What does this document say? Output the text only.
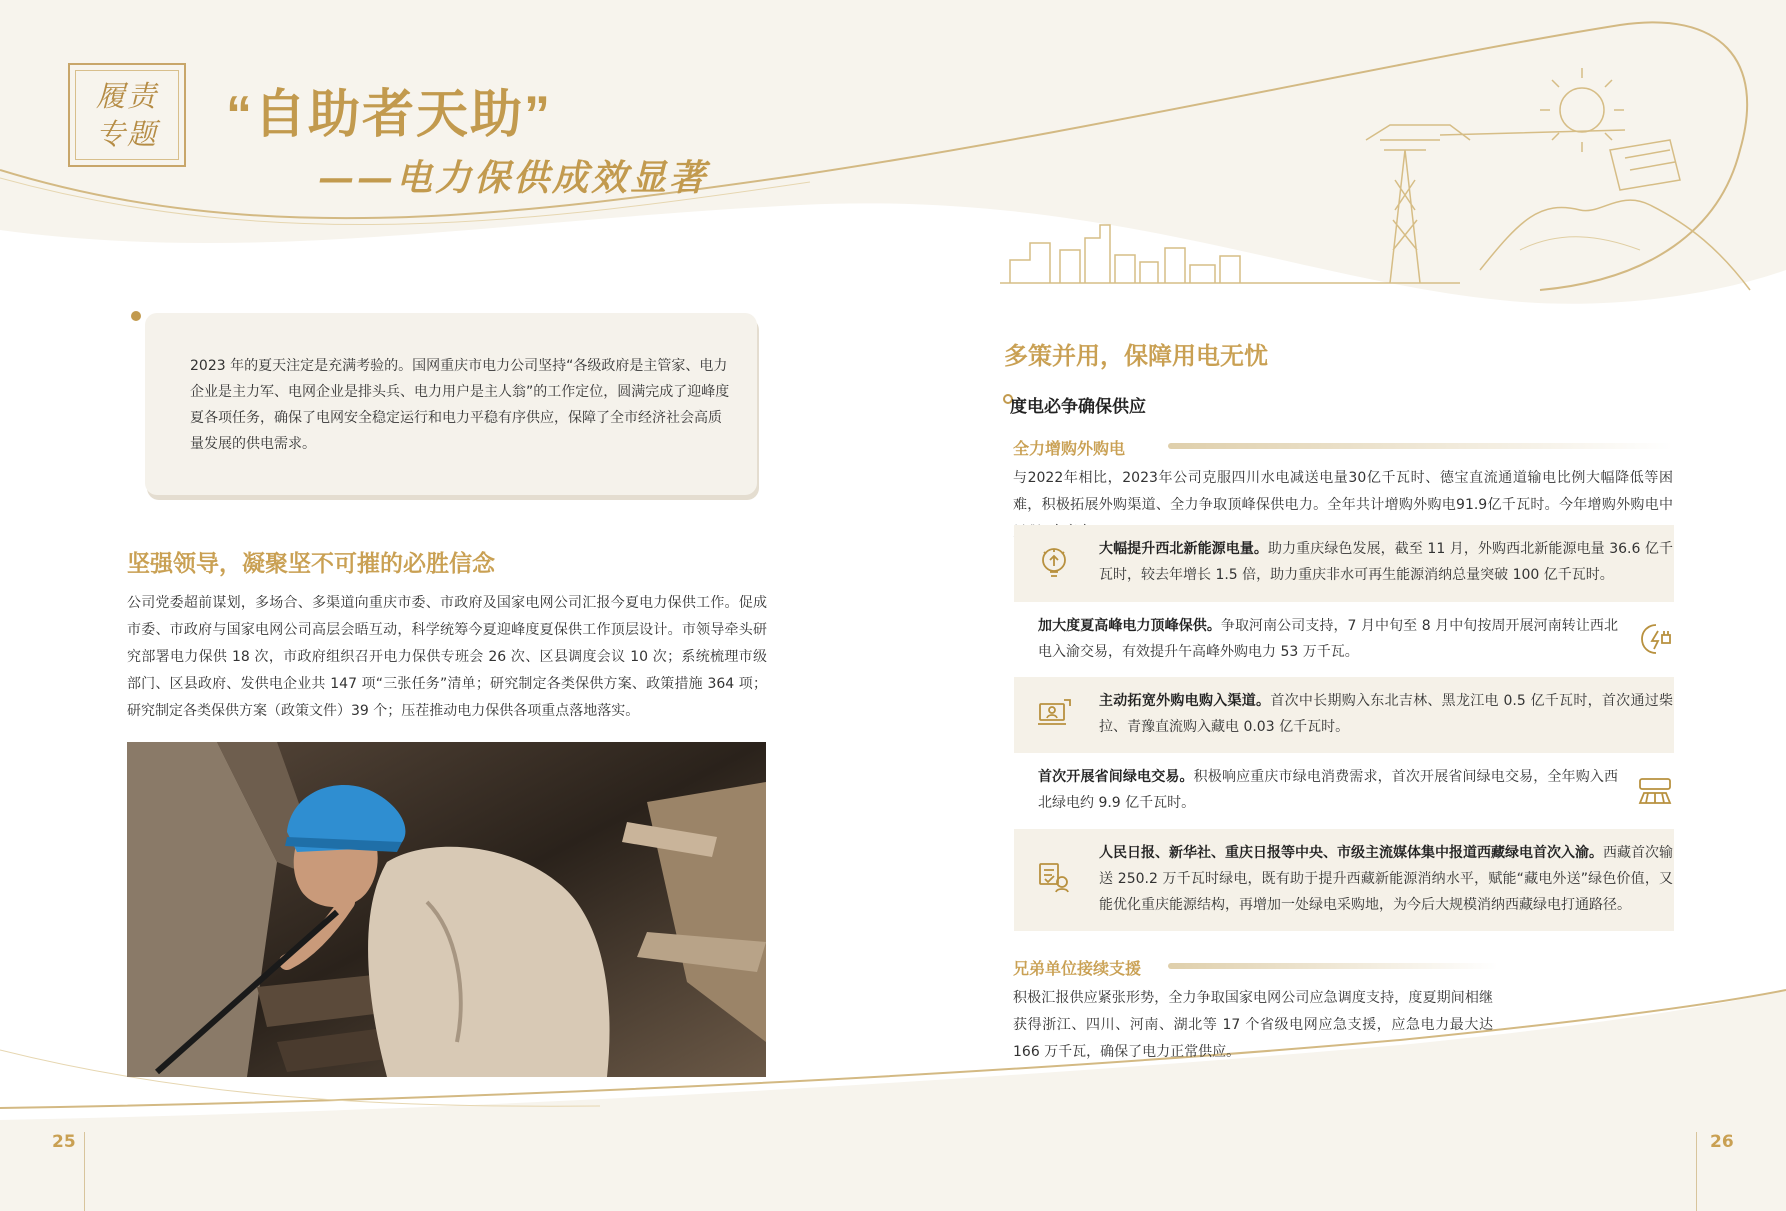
履责
专题 “自助者天助”
——电力保供成效显著
2023 年的夏天注定是充满考验的。国网重庆市电力公司坚持“各级政府是主管家、电力企业是主力军、电网企业是排头兵、电力用户是主人翁”的工作定位，圆满完成了迎峰度夏各项任务，确保了电网安全稳定运行和电力平稳有序供应，保障了全市经济社会高质量发展的供电需求。
坚强领导，凝聚坚不可摧的必胜信念
公司党委超前谋划，多场合、多渠道向重庆市委、市政府及国家电网公司汇报今夏电力保供工作。促成市委、市政府与国家电网公司高层会晤互动，科学统筹今夏迎峰度夏保供工作顶层设计。市领导牵头研究部署电力保供 18 次，市政府组织召开电力保供专班会 26 次、区县调度会议 10 次；系统梳理市级部门、区县政府、发供电企业共 147 项“三张任务”清单；研究制定各类保供方案、政策措施 364 项；研究制定各类保供方案（政策文件）39 个；压茬推动电力保供各项重点落地落实。
25
多策并用，保障用电无忧
度电必争确保供应
全力增购外购电
与2022年相比，2023年公司克服四川水电减送电量30亿千瓦时、德宝直流通道输电比例大幅降低等困难，积极拓展外购渠道、全力争取顶峰保供电力。全年共计增购外购电91.9亿千瓦时。今年增购外购电中
大幅提升西北新能源电量。助力重庆绿色发展，截至 11 月，外购西北新能源电量 36.6 亿千瓦时，较去年增长 1.5 倍，助力重庆非水可再生能源消纳总量突破 100 亿千瓦时。
加大度夏高峰电力顶峰保供。争取河南公司支持，7 月中旬至 8 月中旬按周开展河南转让西北电入渝交易，有效提升午高峰外购电力 53 万千瓦。
主动拓宽外购电购入渠道。首次中长期购入东北吉林、黑龙江电 0.5 亿千瓦时，首次通过柴拉、青豫直流购入藏电 0.03 亿千瓦时。
首次开展省间绿电交易。积极响应重庆市绿电消费需求，首次开展省间绿电交易，全年购入西北绿电约 9.9 亿千瓦时。
人民日报、新华社、重庆日报等中央、市级主流媒体集中报道西藏绿电首次入渝。西藏首次输送 250.2 万千瓦时绿电，既有助于提升西藏新能源消纳水平，赋能“藏电外送”绿色价值，又能优化重庆能源结构，再增加一处绿电采购地，为今后大规模消纳西藏绿电打通路径。
兄弟单位接续支援
积极汇报供应紧张形势，全力争取国家电网公司应急调度支持，度夏期间相继获得浙江、四川、河南、湖北等 17 个省级电网应急支援，应急电力最大达 166 万千瓦，确保了电力正常供应。
26
